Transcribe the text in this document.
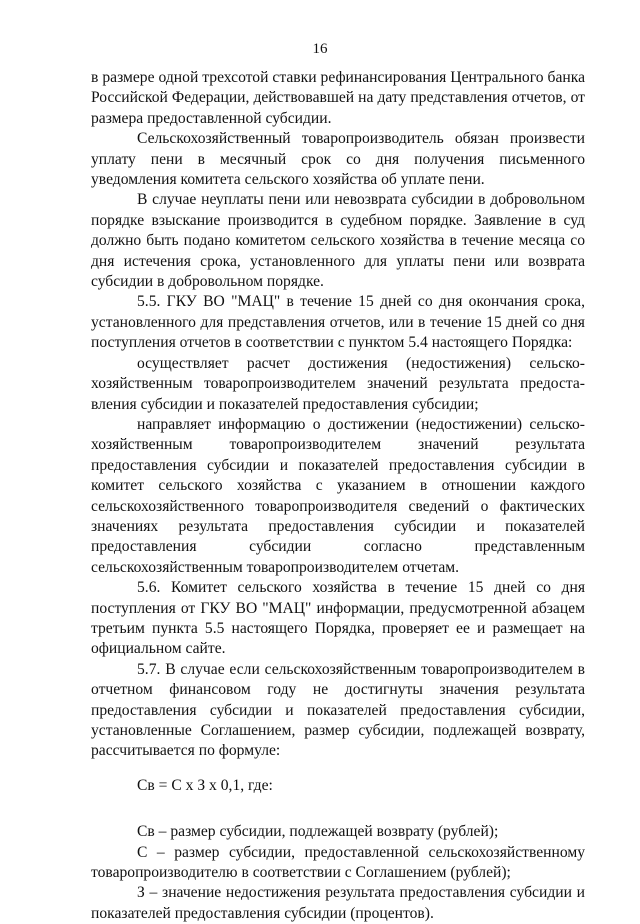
16

в размере одной трехсотой ставки рефинансирования Центрального банка Российской Федерации, действовавшей на дату представления отчетов, от размера предоставленной субсидии.

Сельскохозяйственный товаропроизводитель обязан произвести уплату пени в месячный срок со дня получения письменного уведомления комитета сельского хозяйства об уплате пени.

В случае неуплаты пени или невозврата субсидии в добровольном порядке взыскание производится в судебном порядке. Заявление в суд должно быть подано комитетом сельского хозяйства в течение месяца со дня истечения срока, установленного для уплаты пени или возврата субсидии в добровольном порядке.

5.5. ГКУ ВО "МАЦ" в течение 15 дней со дня окончания срока, установленного для представления отчетов, или в течение 15 дней со дня поступления отчетов в соответствии с пунктом 5.4 настоящего Порядка:

осуществляет расчет достижения (недостижения) сельско-хозяйственным товаропроизводителем значений результата предоста-вления субсидии и показателей предоставления субсидии;

направляет информацию о достижении (недостижении) сельско-хозяйственным товаропроизводителем значений результата предоставления субсидии и показателей предоставления субсидии в комитет сельского хозяйства с указанием в отношении каждого сельскохозяйственного товаропроизводителя сведений о фактических значениях результата предоставления субсидии и показателей предоставления субсидии согласно представленным сельскохозяйственным товаропроизводителем отчетам.

5.6. Комитет сельского хозяйства в течение 15 дней со дня поступления от ГКУ ВО "МАЦ" информации, предусмотренной абзацем третьим пункта 5.5 настоящего Порядка, проверяет ее и размещает на официальном сайте.

5.7. В случае если сельскохозяйственным товаропроизводителем в отчетном финансовом году не достигнуты значения результата предоставления субсидии и показателей предоставления субсидии, установленные Соглашением, размер субсидии, подлежащей возврату, рассчитывается по формуле:

Св = С х З х 0,1, где:

Св – размер субсидии, подлежащей возврату (рублей);

С – размер субсидии, предоставленной сельскохозяйственному товаропроизводителю в соответствии с Соглашением (рублей);

З – значение недостижения результата предоставления субсидии и показателей предоставления субсидии (процентов).
